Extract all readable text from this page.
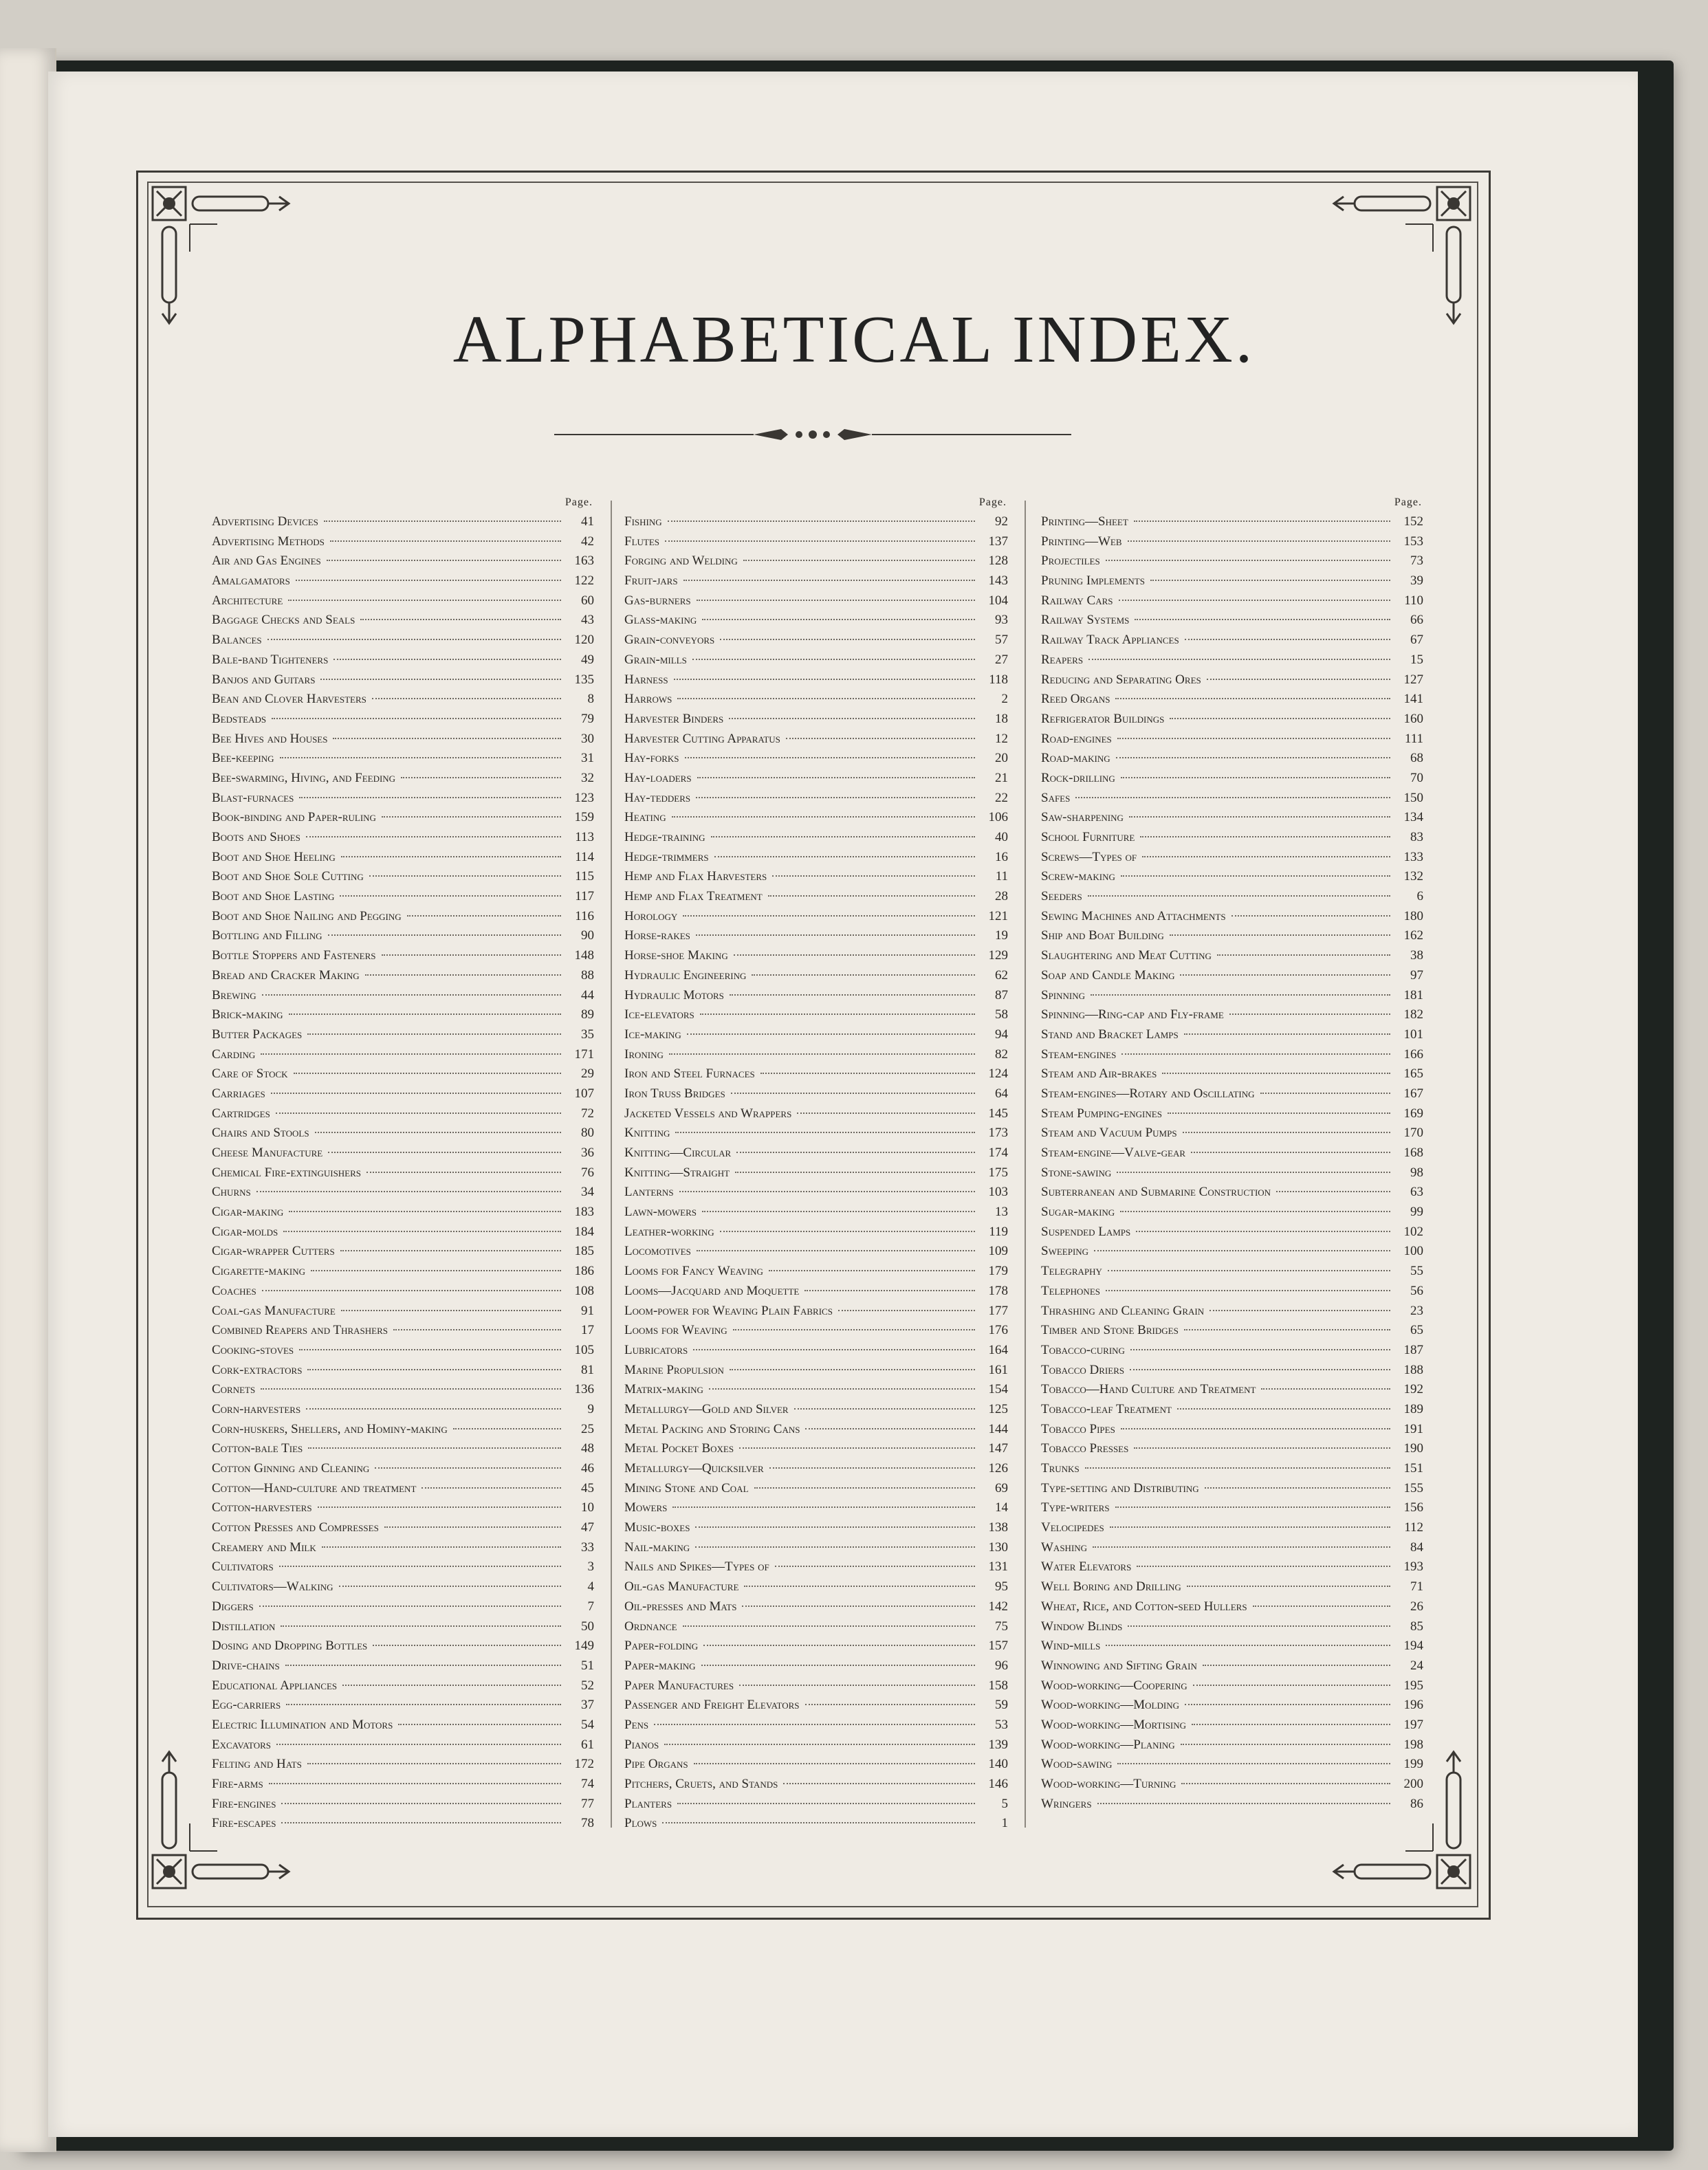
ALPHABETICAL INDEX.
Page.
Advertising Devices	41
Advertising Methods	42
Air and Gas Engines	163
Amalgamators	122
Architecture	60
Baggage Checks and Seals	43
Balances	120
Bale-band Tighteners	49
Banjos and Guitars	135
Bean and Clover Harvesters	8
Bedsteads	79
Bee Hives and Houses	30
Bee-keeping	31
Bee-swarming, Hiving, and Feeding	32
Blast-furnaces	123
Book-binding and Paper-ruling	159
Boots and Shoes	113
Boot and Shoe Heeling	114
Boot and Shoe Sole Cutting	115
Boot and Shoe Lasting	117
Boot and Shoe Nailing and Pegging	116
Bottling and Filling	90
Bottle Stoppers and Fasteners	148
Bread and Cracker Making	88
Brewing	44
Brick-making	89
Butter Packages	35
Carding	171
Care of Stock	29
Carriages	107
Cartridges	72
Chairs and Stools	80
Cheese Manufacture	36
Chemical Fire-extinguishers	76
Churns	34
Cigar-making	183
Cigar-molds	184
Cigar-wrapper Cutters	185
Cigarette-making	186
Coaches	108
Coal-gas Manufacture	91
Combined Reapers and Thrashers	17
Cooking-stoves	105
Cork-extractors	81
Cornets	136
Corn-harvesters	9
Corn-huskers, Shellers, and Hominy-making	25
Cotton-bale Ties	48
Cotton Ginning and Cleaning	46
Cotton—Hand-culture and treatment	45
Cotton-harvesters	10
Cotton Presses and Compresses	47
Creamery and Milk	33
Cultivators	3
Cultivators—Walking	4
Diggers	7
Distillation	50
Dosing and Dropping Bottles	149
Drive-chains	51
Educational Appliances	52
Egg-carriers	37
Electric Illumination and Motors	54
Excavators	61
Felting and Hats	172
Fire-arms	74
Fire-engines	77
Fire-escapes	78
Page.
Fishing	92
Flutes	137
Forging and Welding	128
Fruit-jars	143
Gas-burners	104
Glass-making	93
Grain-conveyors	57
Grain-mills	27
Harness	118
Harrows	2
Harvester Binders	18
Harvester Cutting Apparatus	12
Hay-forks	20
Hay-loaders	21
Hay-tedders	22
Heating	106
Hedge-training	40
Hedge-trimmers	16
Hemp and Flax Harvesters	11
Hemp and Flax Treatment	28
Horology	121
Horse-rakes	19
Horse-shoe Making	129
Hydraulic Engineering	62
Hydraulic Motors	87
Ice-elevators	58
Ice-making	94
Ironing	82
Iron and Steel Furnaces	124
Iron Truss Bridges	64
Jacketed Vessels and Wrappers	145
Knitting	173
Knitting—Circular	174
Knitting—Straight	175
Lanterns	103
Lawn-mowers	13
Leather-working	119
Locomotives	109
Looms for Fancy Weaving	179
Looms—Jacquard and Moquette	178
Loom-power for Weaving Plain Fabrics	177
Looms for Weaving	176
Lubricators	164
Marine Propulsion	161
Matrix-making	154
Metallurgy—Gold and Silver	125
Metal Packing and Storing Cans	144
Metal Pocket Boxes	147
Metallurgy—Quicksilver	126
Mining Stone and Coal	69
Mowers	14
Music-boxes	138
Nail-making	130
Nails and Spikes—Types of	131
Oil-gas Manufacture	95
Oil-presses and Mats	142
Ordnance	75
Paper-folding	157
Paper-making	96
Paper Manufactures	158
Passenger and Freight Elevators	59
Pens	53
Pianos	139
Pipe Organs	140
Pitchers, Cruets, and Stands	146
Planters	5
Plows	1
Page.
Printing—Sheet	152
Printing—Web	153
Projectiles	73
Pruning Implements	39
Railway Cars	110
Railway Systems	66
Railway Track Appliances	67
Reapers	15
Reducing and Separating Ores	127
Reed Organs	141
Refrigerator Buildings	160
Road-engines	111
Road-making	68
Rock-drilling	70
Safes	150
Saw-sharpening	134
School Furniture	83
Screws—Types of	133
Screw-making	132
Seeders	6
Sewing Machines and Attachments	180
Ship and Boat Building	162
Slaughtering and Meat Cutting	38
Soap and Candle Making	97
Spinning	181
Spinning—Ring-cap and Fly-frame	182
Stand and Bracket Lamps	101
Steam-engines	166
Steam and Air-brakes	165
Steam-engines—Rotary and Oscillating	167
Steam Pumping-engines	169
Steam and Vacuum Pumps	170
Steam-engine—Valve-gear	168
Stone-sawing	98
Subterranean and Submarine Construction	63
Sugar-making	99
Suspended Lamps	102
Sweeping	100
Telegraphy	55
Telephones	56
Thrashing and Cleaning Grain	23
Timber and Stone Bridges	65
Tobacco-curing	187
Tobacco Driers	188
Tobacco—Hand Culture and Treatment	192
Tobacco-leaf Treatment	189
Tobacco Pipes	191
Tobacco Presses	190
Trunks	151
Type-setting and Distributing	155
Type-writers	156
Velocipedes	112
Washing	84
Water Elevators	193
Well Boring and Drilling	71
Wheat, Rice, and Cotton-seed Hullers	26
Window Blinds	85
Wind-mills	194
Winnowing and Sifting Grain	24
Wood-working—Coopering	195
Wood-working—Molding	196
Wood-working—Mortising	197
Wood-working—Planing	198
Wood-sawing	199
Wood-working—Turning	200
Wringers	86
